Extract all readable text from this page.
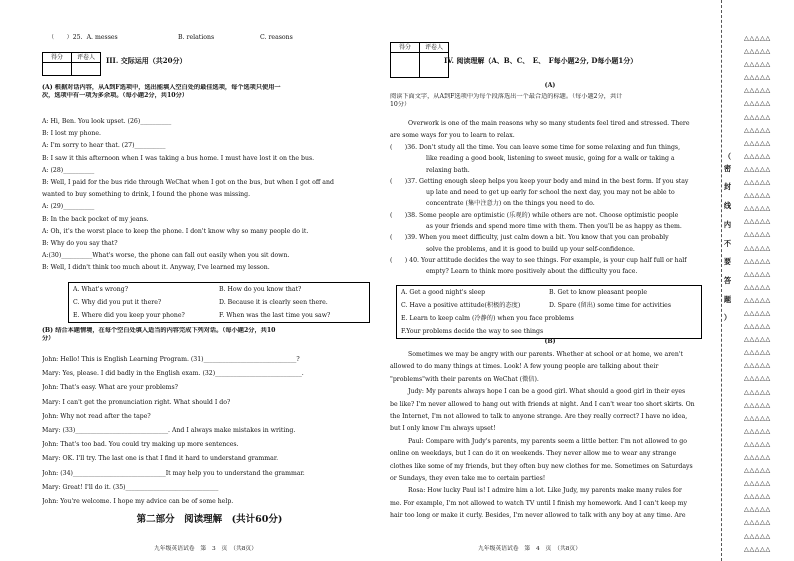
（　　）25. A. messes	B. relations	C. reasons
得分	评卷人
	III. 交际运用（共20分）
(A) 根据对话内容，从A到F选项中，选出能填入空白处的最佳选项，每个选项只使用一
次，选项中有一项为多余项。（每小题2分，共10分）
A: Hi, Ben. You look upset. (26)__________
B: I lost my phone.
A: I'm sorry to hear that. (27)__________
B: I saw it this afternoon when I was taking a bus home. I must have lost it on the bus.
A: (28)__________
B: Well, I paid for the bus ride through WeChat when I got on the bus, but when I got off and
wanted to buy something to drink, I found the phone was missing.
A: (29)__________
B: In the back pocket of my jeans.
A: Oh, it's the worst place to keep the phone. I don't know why so many people do it.
B: Why do you say that?
A:(30)__________What's worse, the phone can fall out easily when you sit down.
B: Well, I didn't think too much about it. Anyway, I've learned my lesson.
A. What's wrong?	B. How do you know that?
C. Why did you put it there?	D. Because it is clearly seen there.
E. Where did you keep your phone?	F. When was the last time you saw?
(B) 结合本题情境，在每个空白处填入适当的内容完成下列对话。（每小题2分，共10
分）
John: Hello! This is English Learning Program. (31)______________________________?
Mary: Yes, please. I did badly in the English exam. (32)____________________________.
John: That's easy. What are your problems?
Mary: I can't get the pronunciation right. What should I do?
John: Why not read after the tape?
Mary: (33)______________________________. And I always make mistakes in writing.
John: That's too bad. You could try making up more sentences.
Mary: OK. I'll try. The last one is that I find it hard to understand grammar.
John: (34)______________________________It may help you to understand the grammar.
Mary: Great! I'll do it. (35)______________________________
John: You're welcome. I hope my advice can be of some help.
第二部分　阅读理解　(共计60分)
九年级英语试卷　第　3　页　（共8页）
得分	评卷人

IV. 阅读理解（A、B、C、　E、　F每小题2分, D每小题1分）
(A)
阅读下面文字，从A到F选项中为每个段落选出一个最合适的标题。（每小题2分，共计
10分）
Overwork is one of the main reasons why so many students feel tired and stressed. There
are some ways for you to learn to relax.
(　　)36. Don't study all the time. You can leave some time for some relaxing and fun things,
like reading a good book, listening to sweet music, going for a walk or taking a
relaxing bath.
(　　)37. Getting enough sleep helps you keep your body and mind in the best form. If you stay
up late and need to get up early for school the next day, you may not be able to
concentrate (集中注意力) on the things you need to do.
(　　)38. Some people are optimistic (乐观的) while others are not. Choose optimistic people
as your friends and spend more time with them. Then you'll be as happy as them.
(　　)39. When you meet difficulty, just calm down a bit. You know that you can probably
solve the problems, and it is good to build up your self-confidence.
(　　) 40. Your attitude decides the way to see things. For example, is your cup half full or half
empty? Learn to think more positively about the difficulty you face.
A. Get a good night's sleep	B. Get to know pleasant people
C. Have a positive attitude(积极的态度)	D. Spare (留出) some time for activities
E. Learn to keep calm (冷静的) when you face problems
F.Your problems decide the way to see things
(B)
Sometimes we may be angry with our parents. Whether at school or at home, we aren't
allowed to do many things at times. Look! A few young people are talking about their
"problems"with their parents on WeChat (微信).
Judy: My parents always hope I can be a good girl. What should a good girl in their eyes
be like? I'm never allowed to hang out with friends at night. And I can't wear too short skirts. On
the Internet, I'm not allowed to talk to anyone strange. Are they really correct? I have no idea,
but I only know I'm always upset!
Paul: Compare with Judy's parents, my parents seem a little better. I'm not allowed to go
online on weekdays, but I can do it on weekends. They never allow me to wear any strange
clothes like some of my friends, but they often buy new clothes for me. Sometimes on Saturdays
or Sundays, they even take me to certain parties!
Rosa: How lucky Paul is! I admire him a lot. Like Judy, my parents make many rules for
me. For example, I'm not allowed to watch TV until I finish my homework. And I can't keep my
hair too long or make it curly. Besides, I'm never allowed to talk with any boy at any time. Are
九年级英语试卷　第　4　页　（共8页）
（
密
封
线
内
不
要
答
题
）
△△△△△
△△△△△
△△△△△
△△△△△
△△△△△
△△△△△
△△△△△
△△△△△
△△△△△
△△△△△
△△△△△
△△△△△
△△△△△
△△△△△
△△△△△
△△△△△
△△△△△
△△△△△
△△△△△
△△△△△
△△△△△
△△△△△
△△△△△
△△△△△
△△△△△
△△△△△
△△△△△
△△△△△
△△△△△
△△△△△
△△△△△
△△△△△
△△△△△
△△△△△
△△△△△
△△△△△
△△△△△
△△△△△
△△△△△
△△△△△
